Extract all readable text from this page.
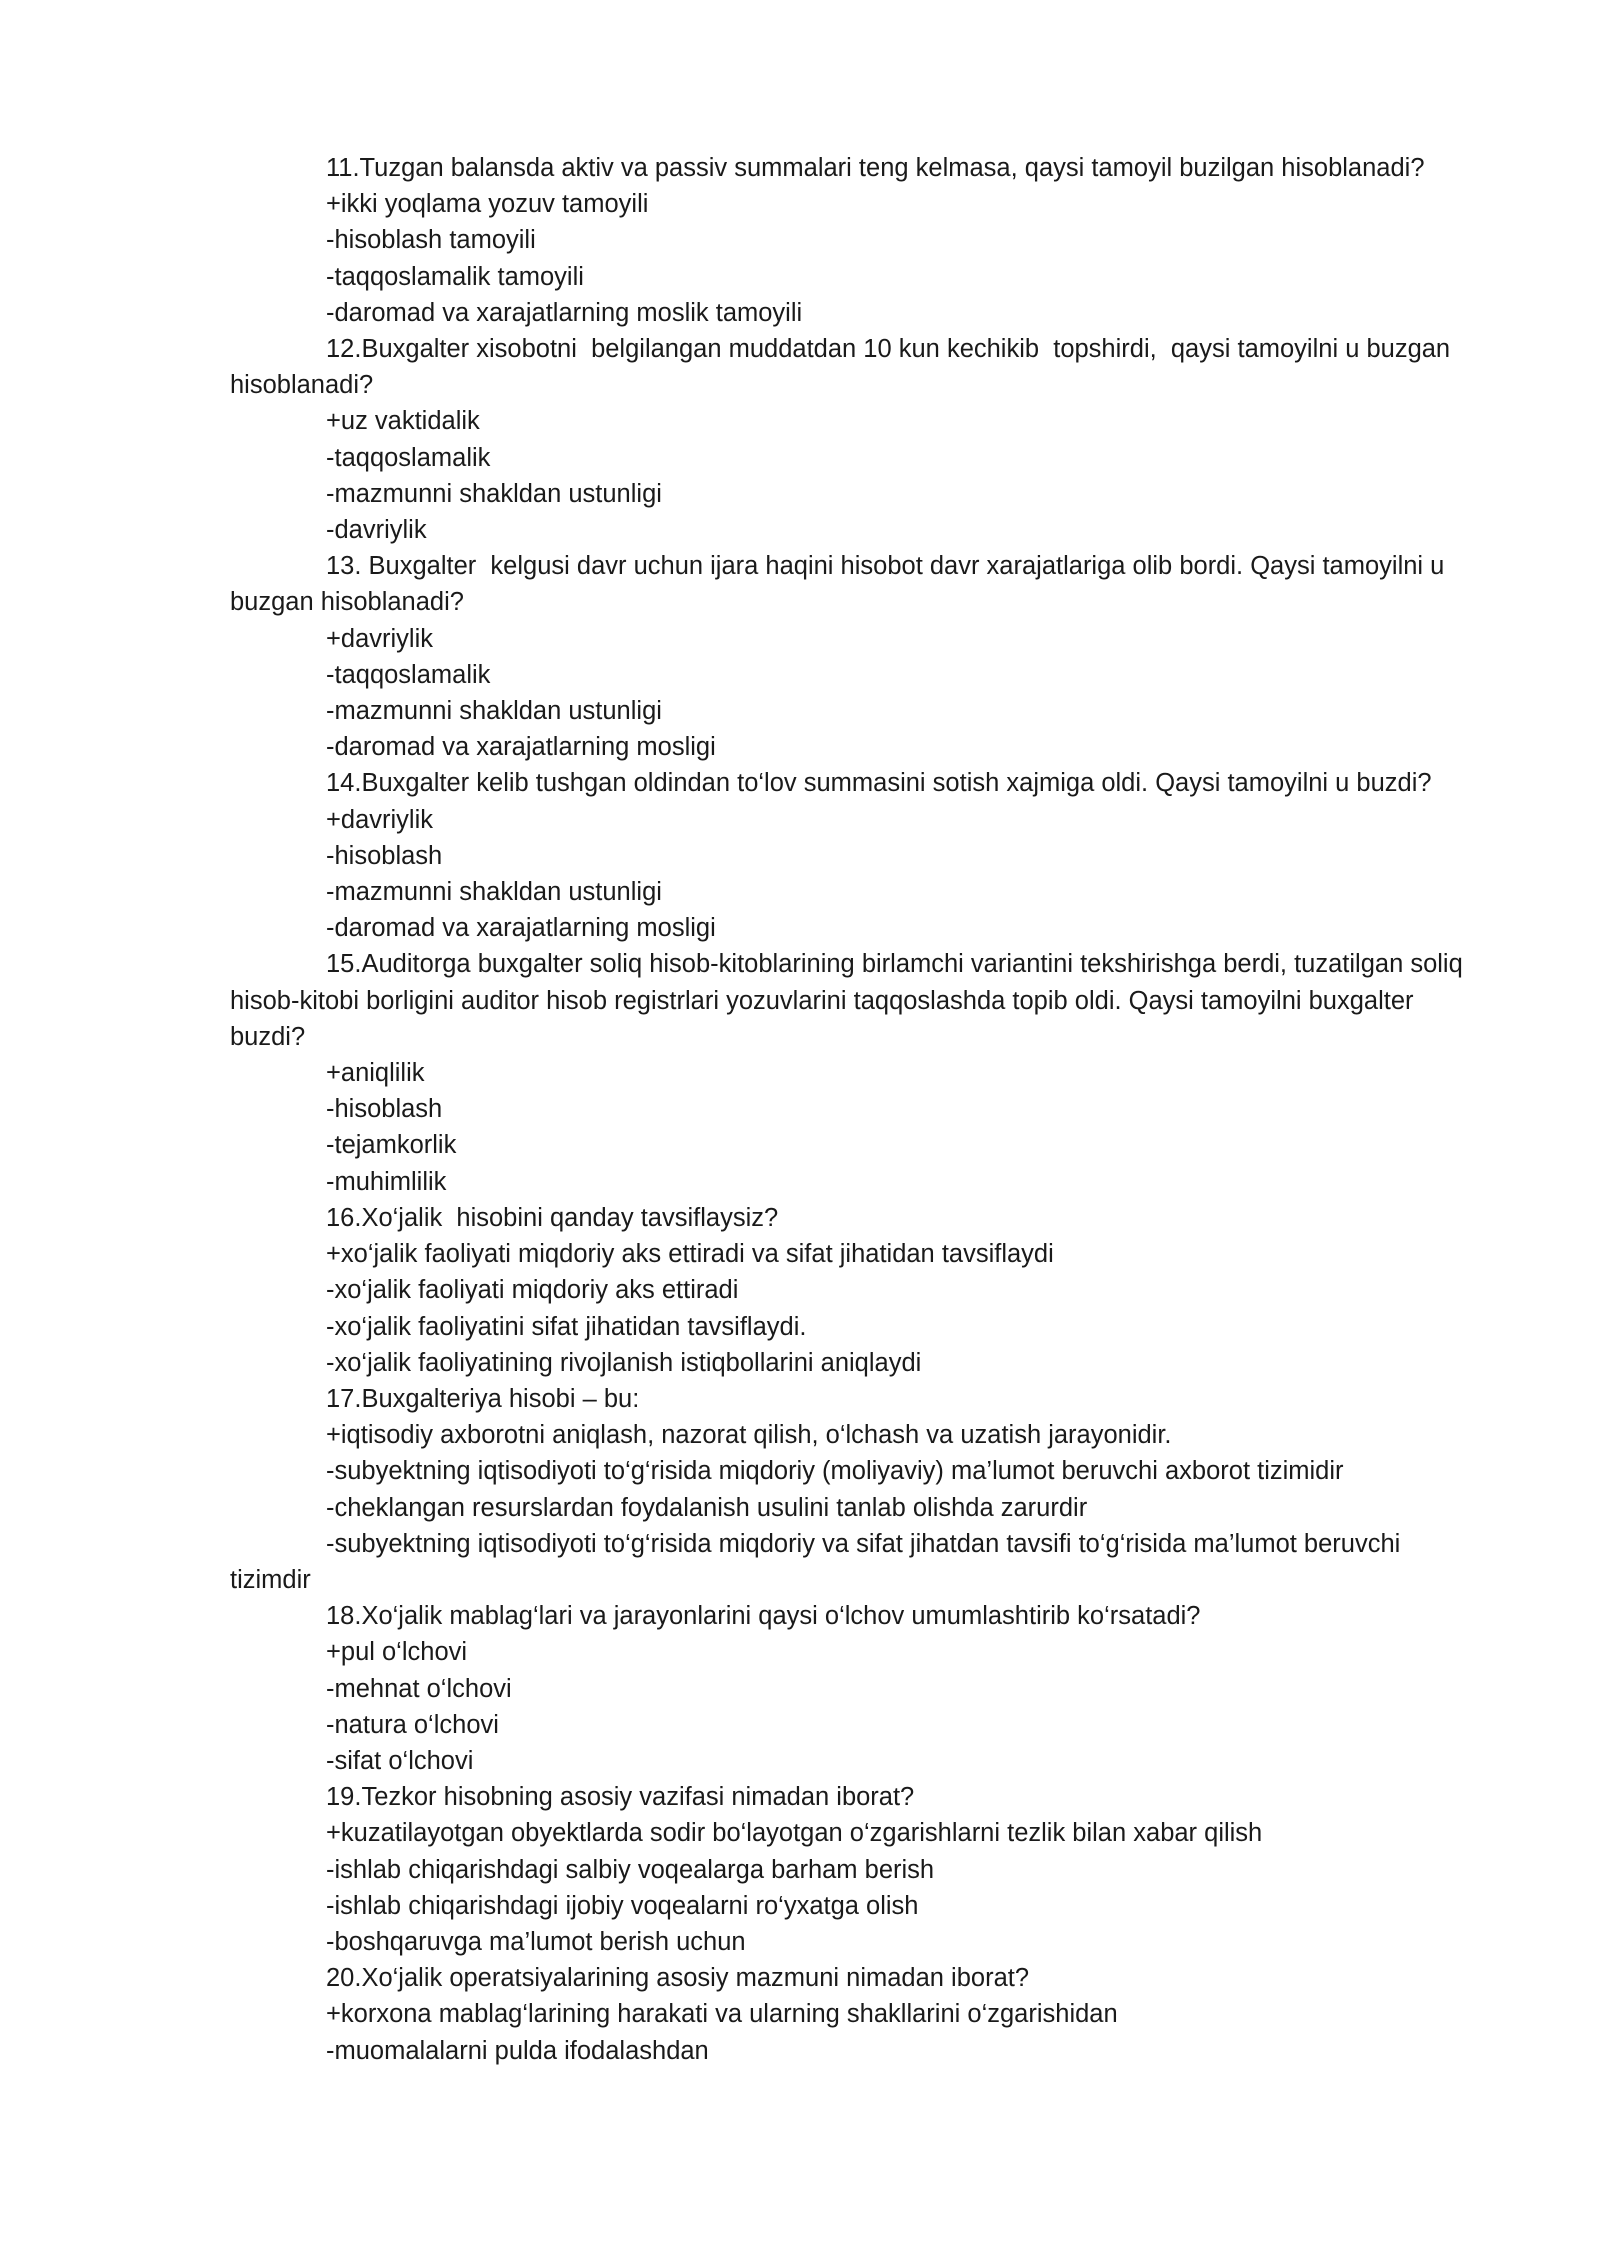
11.Tuzgan balansda aktiv va passiv summalari teng kelmasa, qaysi tamoyil buzilgan hisoblanadi?

+ikki yoqlama yozuv tamoyili

-hisoblash tamoyili

-taqqoslamalik tamoyili

-daromad va xarajatlarning moslik tamoyili

12.Buxgalter xisobotni  belgilangan muddatdan 10 kun kechikib  topshirdi,  qaysi tamoyilni u buzgan hisoblanadi?

+uz vaktidalik

-taqqoslamalik

-mazmunni shakldan ustunligi

-davriylik

13. Buxgalter  kelgusi davr uchun ijara haqini hisobot davr xarajatlariga olib bordi. Qaysi tamoyilni u buzgan hisoblanadi?

+davriylik

-taqqoslamalik

-mazmunni shakldan ustunligi

-daromad va xarajatlarning mosligi

14.Buxgalter kelib tushgan oldindan to‘lov summasini sotish xajmiga oldi. Qaysi tamoyilni u buzdi?

+davriylik

-hisoblash

-mazmunni shakldan ustunligi

-daromad va xarajatlarning mosligi

15.Auditorga buxgalter soliq hisob-kitoblarining birlamchi variantini tekshirishga berdi, tuzatilgan soliq hisob-kitobi borligini auditor hisob registrlari yozuvlarini taqqoslashda topib oldi. Qaysi tamoyilni buxgalter buzdi?

+aniqlilik

-hisoblash

-tejamkorlik

-muhimlilik

16.Xo‘jalik  hisobini qanday tavsiflaysiz?

+xo‘jalik faoliyati miqdoriy aks ettiradi va sifat jihatidan tavsiflaydi

-xo‘jalik faoliyati miqdoriy aks ettiradi

-xo‘jalik faoliyatini sifat jihatidan tavsiflaydi.

-xo‘jalik faoliyatining rivojlanish istiqbollarini aniqlaydi

17.Buxgalteriya hisobi – bu:

+iqtisodiy axborotni aniqlash, nazorat qilish, o‘lchash va uzatish jarayonidir.

-subyektning iqtisodiyoti to‘g‘risida miqdoriy (moliyaviy) ma’lumot beruvchi axborot tizimidir

-cheklangan resurslardan foydalanish usulini tanlab olishda zarurdir

-subyektning iqtisodiyoti to‘g‘risida miqdoriy va sifat jihatdan tavsifi to‘g‘risida ma’lumot beruvchi tizimdir

18.Xo‘jalik mablag‘lari va jarayonlarini qaysi o‘lchov umumlashtirib ko‘rsatadi?

+pul o‘lchovi

-mehnat o‘lchovi

-natura o‘lchovi

-sifat o‘lchovi

19.Tezkor hisobning asosiy vazifasi nimadan iborat?

+kuzatilayotgan obyektlarda sodir bo‘layotgan o‘zgarishlarni tezlik bilan xabar qilish

-ishlab chiqarishdagi salbiy voqealarga barham berish

-ishlab chiqarishdagi ijobiy voqealarni ro‘yxatga olish

-boshqaruvga ma’lumot berish uchun

20.Xo‘jalik operatsiyalarining asosiy mazmuni nimadan iborat?

+korxona mablag‘larining harakati va ularning shakllarini o‘zgarishidan

-muomalalarni pulda ifodalashdan
